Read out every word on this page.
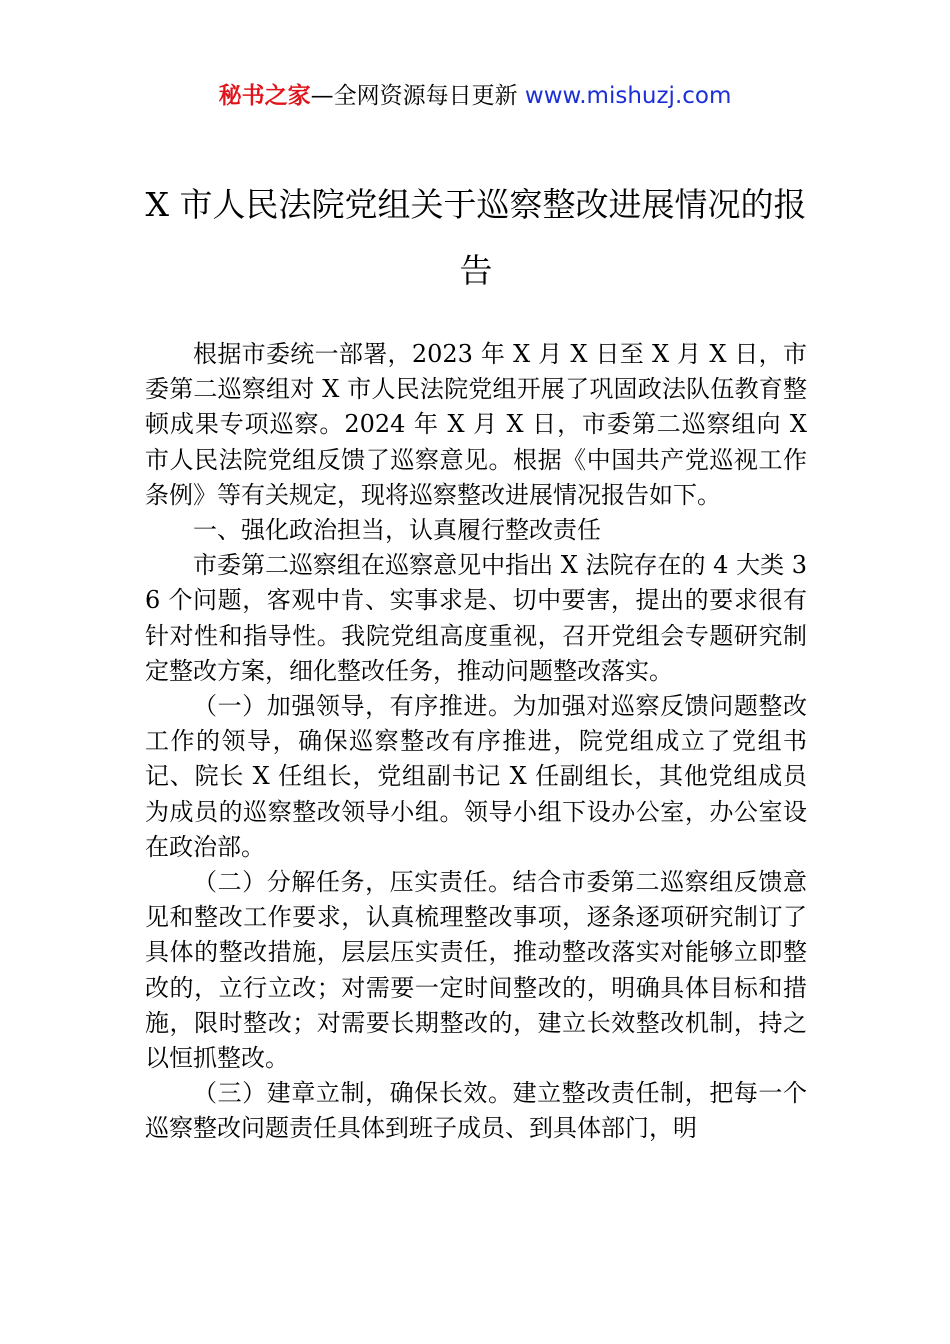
秘书之家—全网资源每日更新 www.mishuzj.com
X 市人民法院党组关于巡察整改进展情况的报告

根据市委统一部署，2023 年 X 月 X 日至 X 月 X 日，市委第二巡察组对 X 市人民法院党组开展了巩固政法队伍教育整顿成果专项巡察。2024 年 X 月 X 日，市委第二巡察组向 X 市人民法院党组反馈了巡察意见。根据《中国共产党巡视工作条例》等有关规定，现将巡察整改进展情况报告如下。

一、强化政治担当，认真履行整改责任

市委第二巡察组在巡察意见中指出 X 法院存在的 4 大类 36 个问题，客观中肯、实事求是、切中要害，提出的要求很有针对性和指导性。我院党组高度重视，召开党组会专题研究制定整改方案，细化整改任务，推动问题整改落实。

（一）加强领导，有序推进。为加强对巡察反馈问题整改工作的领导，确保巡察整改有序推进，院党组成立了党组书记、院长 X 任组长，党组副书记 X 任副组长，其他党组成员为成员的巡察整改领导小组。领导小组下设办公室，办公室设在政治部。

（二）分解任务，压实责任。结合市委第二巡察组反馈意见和整改工作要求，认真梳理整改事项，逐条逐项研究制订了具体的整改措施，层层压实责任，推动整改落实对能够立即整改的，立行立改；对需要一定时间整改的，明确具体目标和措施，限时整改；对需要长期整改的，建立长效整改机制，持之以恒抓整改。

（三）建章立制，确保长效。建立整改责任制，把每一个巡察整改问题责任具体到班子成员、到具体部门，明
